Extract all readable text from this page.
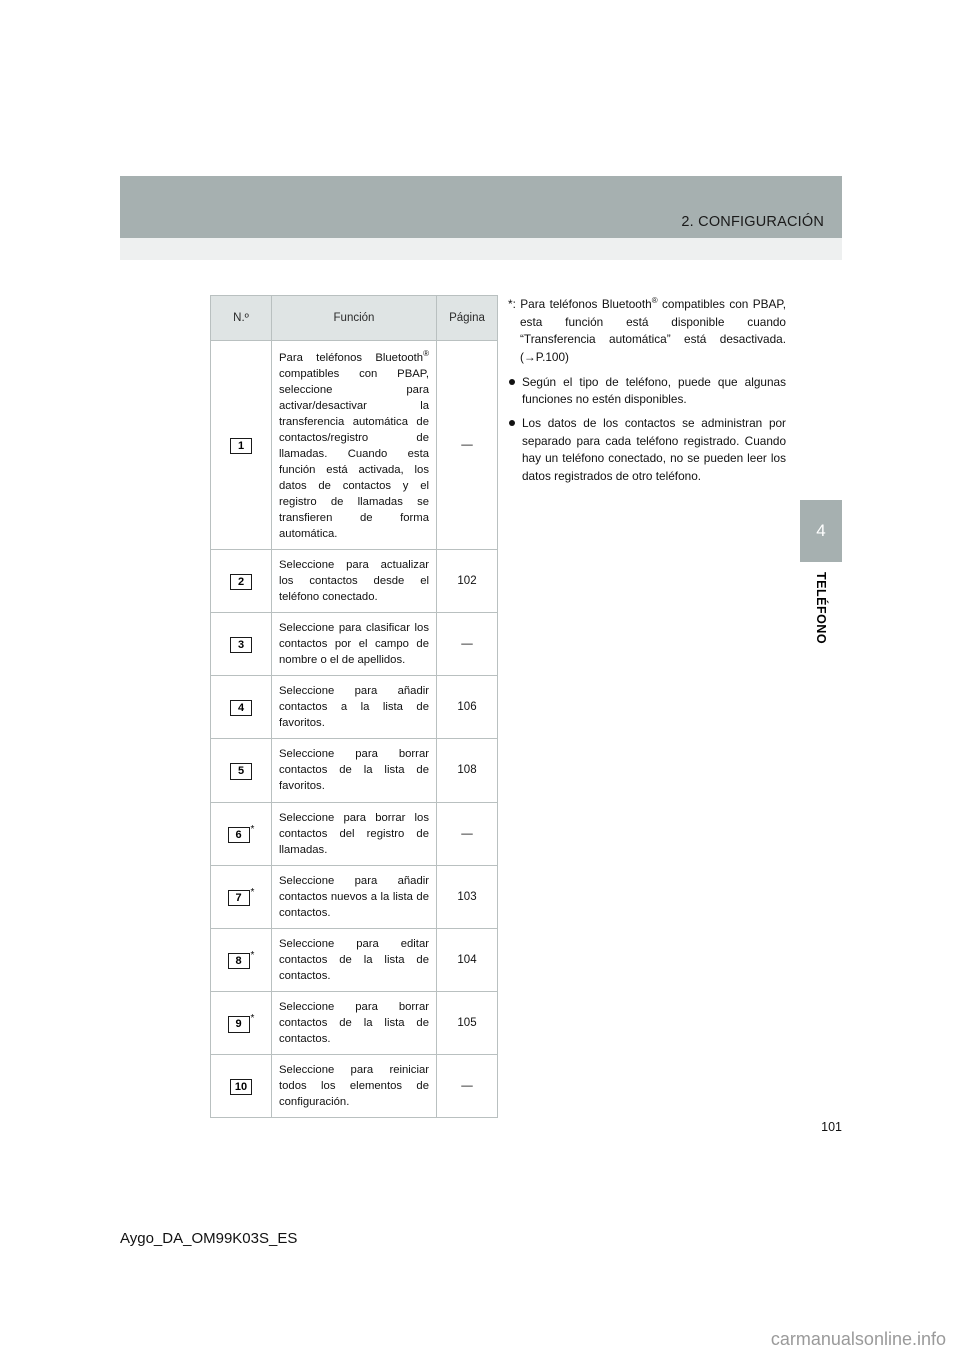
2. CONFIGURACIÓN
4
TELÉFONO
N.º	Función	Página
1	Para teléfonos Bluetooth® compatibles con PBAP, seleccione para activar/desactivar la transferencia automática de contactos/registro de llamadas. Cuando esta función está activada, los datos de contactos y el registro de llamadas se transfieren de forma automática.	—
2	Seleccione para actualizar los contactos desde el teléfono conectado.	102
3	Seleccione para clasificar los contactos por el campo de nombre o el de apellidos.	—
4	Seleccione para añadir contactos a la lista de favoritos.	106
5	Seleccione para borrar contactos de la lista de favoritos.	108
6 *	Seleccione para borrar los contactos del registro de llamadas.	—
7 *	Seleccione para añadir contactos nuevos a la lista de contactos.	103
8 *	Seleccione para editar contactos de la lista de contactos.	104
9 *	Seleccione para borrar contactos de la lista de contactos.	105
10	Seleccione para reiniciar todos los elementos de configuración.	—

*: Para teléfonos Bluetooth® compatibles con PBAP, esta función está disponible cuando “Transferencia automática” está desactivada. (→P.100)

Según el tipo de teléfono, puede que algunas funciones no estén disponibles.

Los datos de los contactos se administran por separado para cada teléfono registrado. Cuando hay un teléfono conectado, no se pueden leer los datos registrados de otro teléfono.

101
Aygo_DA_OM99K03S_ES
carmanualsonline.info
